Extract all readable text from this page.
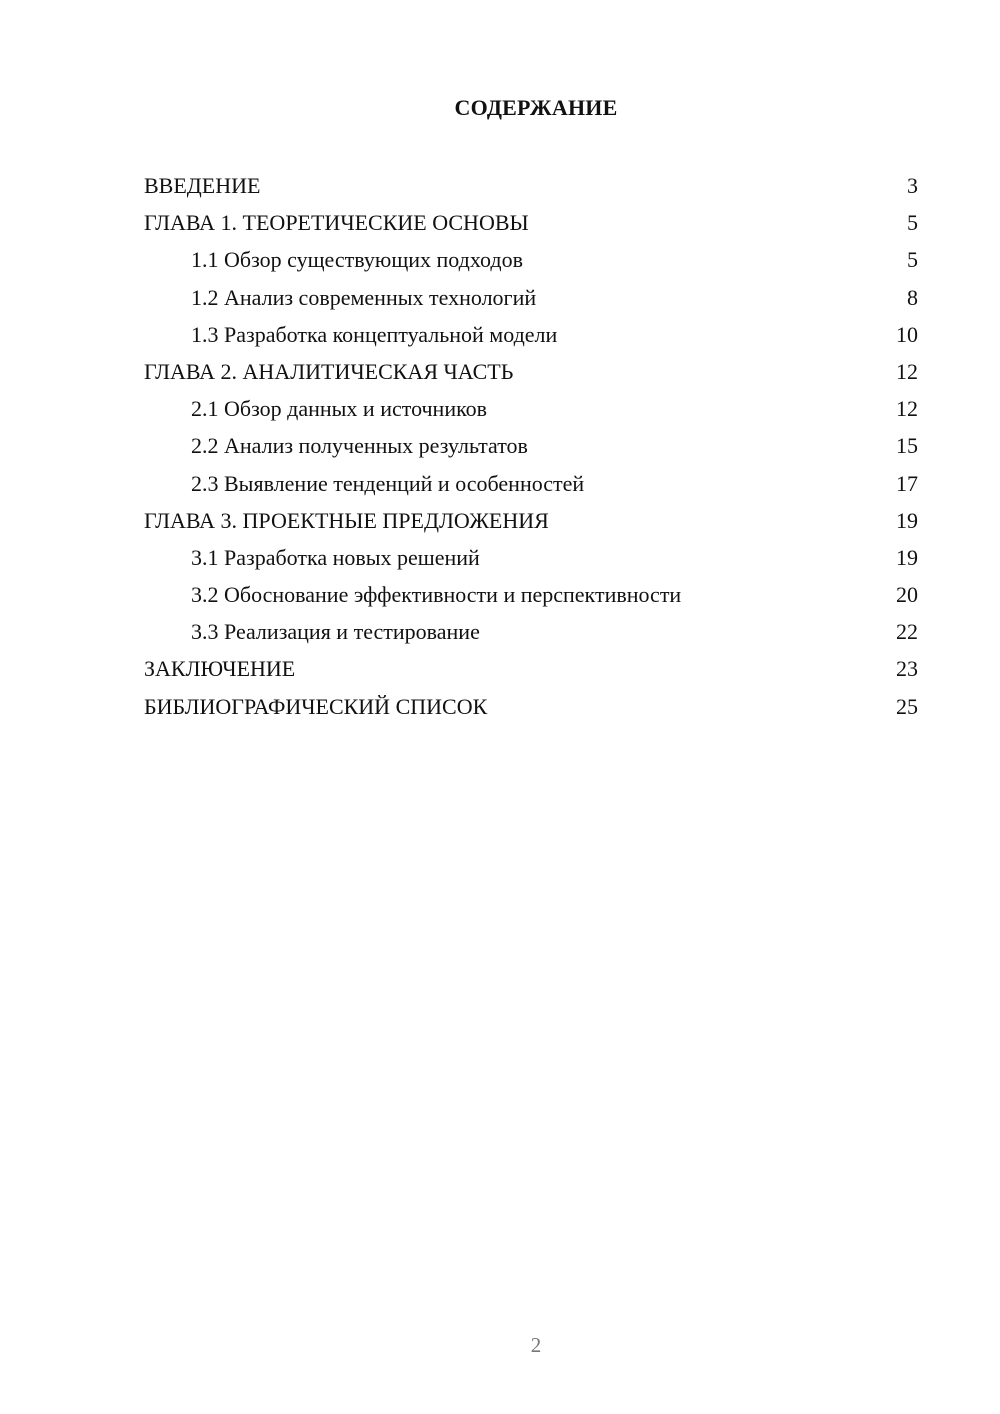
СОДЕРЖАНИЕ
ВВЕДЕНИЕ	3
ГЛАВА 1. ТЕОРЕТИЧЕСКИЕ ОСНОВЫ	5
1.1 Обзор существующих подходов	5
1.2 Анализ современных технологий	8
1.3 Разработка концептуальной модели	10
ГЛАВА 2. АНАЛИТИЧЕСКАЯ ЧАСТЬ	12
2.1 Обзор данных и источников	12
2.2 Анализ полученных результатов	15
2.3 Выявление тенденций и особенностей	17
ГЛАВА 3. ПРОЕКТНЫЕ ПРЕДЛОЖЕНИЯ	19
3.1 Разработка новых решений	19
3.2 Обоснование эффективности и перспективности	20
3.3 Реализация и тестирование	22
ЗАКЛЮЧЕНИЕ	23
БИБЛИОГРАФИЧЕСКИЙ СПИСОК	25
2
